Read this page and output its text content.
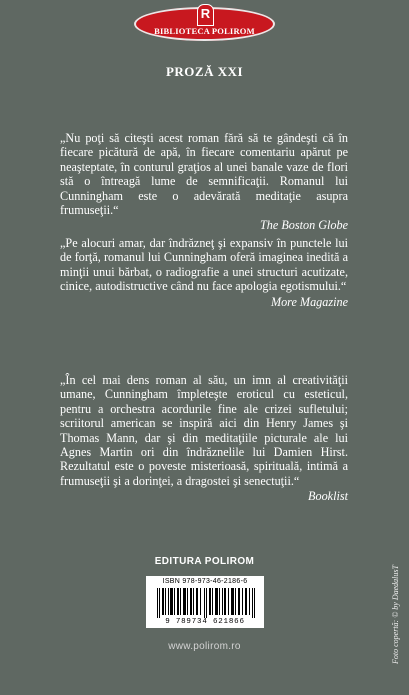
R
BIBLIOTECA POLIROM
PROZĂ XXI
„Nu poţi să citeşti acest roman fără să te gândeşti că în fiecare picătură de apă, în fiecare comentariu apărut pe neaşteptate, în conturul graţios al unei banale vaze de flori stă o întreagă lume de semnificaţii. Romanul lui Cunningham este o adevărată meditaţie asupra frumuseţii.“
The Boston Globe
„Pe alocuri amar, dar îndrăzneţ şi expansiv în punctele lui de forţă, romanul lui Cunningham oferă imaginea inedită a minţii unui bărbat, o radiografie a unei structuri acutizate, cinice, autodistructive când nu face apologia egotismului.“
More Magazine
„În cel mai dens roman al său, un imn al creativităţii umane, Cunningham împleteşte eroticul cu esteticul, pentru a orchestra acordurile fine ale crizei sufletului; scriitorul american se inspiră aici din Henry James şi Thomas Mann, dar şi din meditaţiile picturale ale lui Agnes Martin ori din îndrăznelile lui Damien Hirst. Rezultatul este o poveste misterioasă, spirituală, intimă a frumuseţii şi a dorinţei, a dragostei şi senectuţii.“
Booklist
EDITURA POLIROM
ISBN 978-973-46-2186-6
9 789734 621866
www.polirom.ro	Foto copertă: © by DaedalusT
